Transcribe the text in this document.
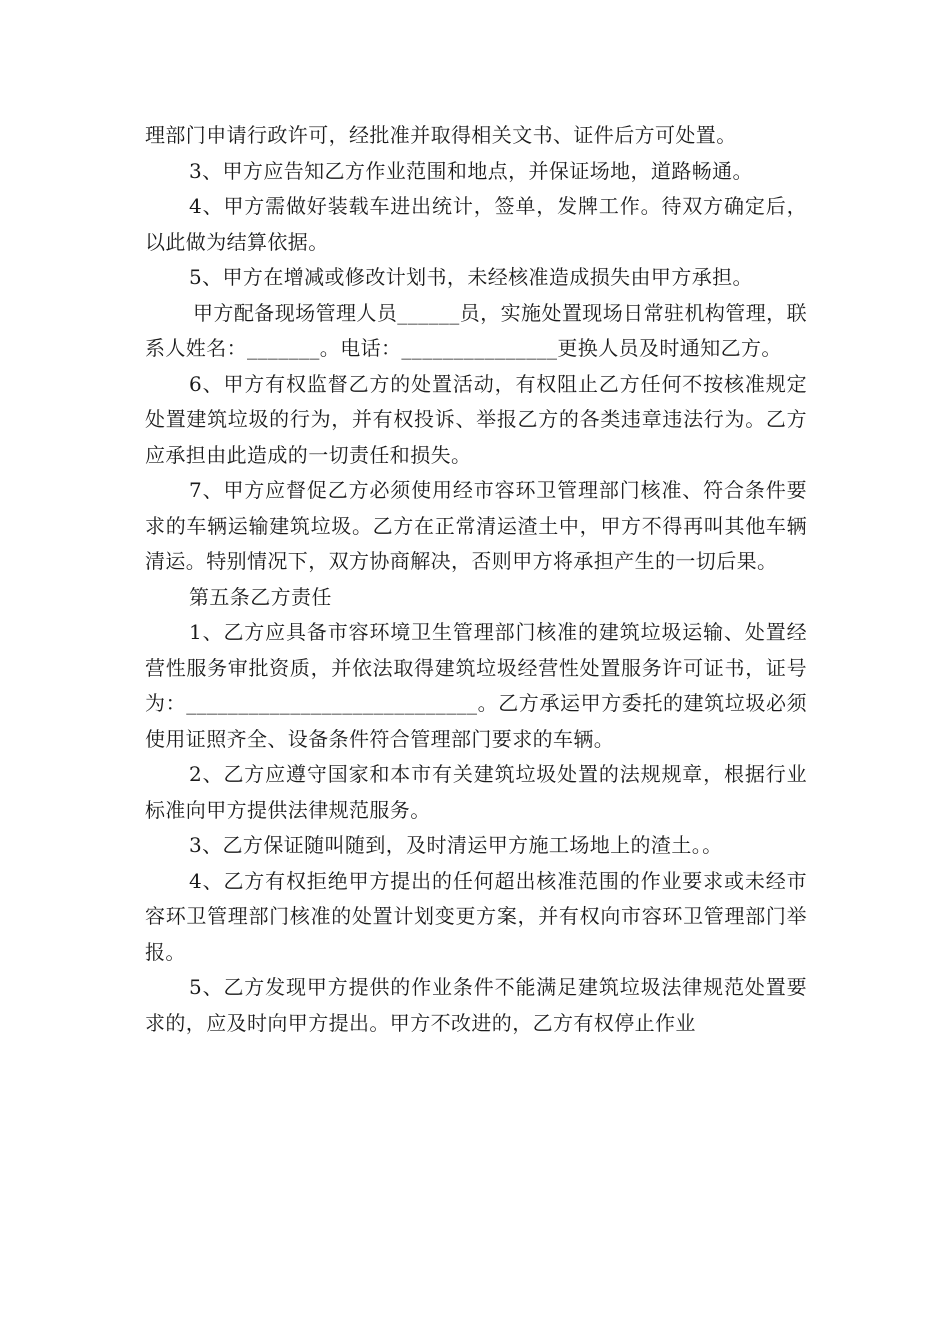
理部门申请行政许可，经批准并取得相关文书、证件后方可处置。

3、甲方应告知乙方作业范围和地点，并保证场地，道路畅通。

4、甲方需做好装载车进出统计，签单，发牌工作。待双方确定后，以此做为结算依据。

5、甲方在增减或修改计划书，未经核准造成损失由甲方承担。

甲方配备现场管理人员______员，实施处置现场日常驻机构管理，联系人姓名：_______。电话：_______________更换人员及时通知乙方。

6、甲方有权监督乙方的处置活动，有权阻止乙方任何不按核准规定处置建筑垃圾的行为，并有权投诉、举报乙方的各类违章违法行为。乙方应承担由此造成的一切责任和损失。

7、甲方应督促乙方必须使用经市容环卫管理部门核准、符合条件要求的车辆运输建筑垃圾。乙方在正常清运渣土中，甲方不得再叫其他车辆清运。特别情况下，双方协商解决，否则甲方将承担产生的一切后果。

第五条乙方责任

1、乙方应具备市容环境卫生管理部门核准的建筑垃圾运输、处置经营性服务审批资质，并依法取得建筑垃圾经营性处置服务许可证书，证号为：____________________________。乙方承运甲方委托的建筑垃圾必须使用证照齐全、设备条件符合管理部门要求的车辆。

2、乙方应遵守国家和本市有关建筑垃圾处置的法规规章，根据行业标准向甲方提供法律规范服务。

3、乙方保证随叫随到，及时清运甲方施工场地上的渣土。。

4、乙方有权拒绝甲方提出的任何超出核准范围的作业要求或未经市容环卫管理部门核准的处置计划变更方案，并有权向市容环卫管理部门举报。

5、乙方发现甲方提供的作业条件不能满足建筑垃圾法律规范处置要求的，应及时向甲方提出。甲方不改进的，乙方有权停止作业
